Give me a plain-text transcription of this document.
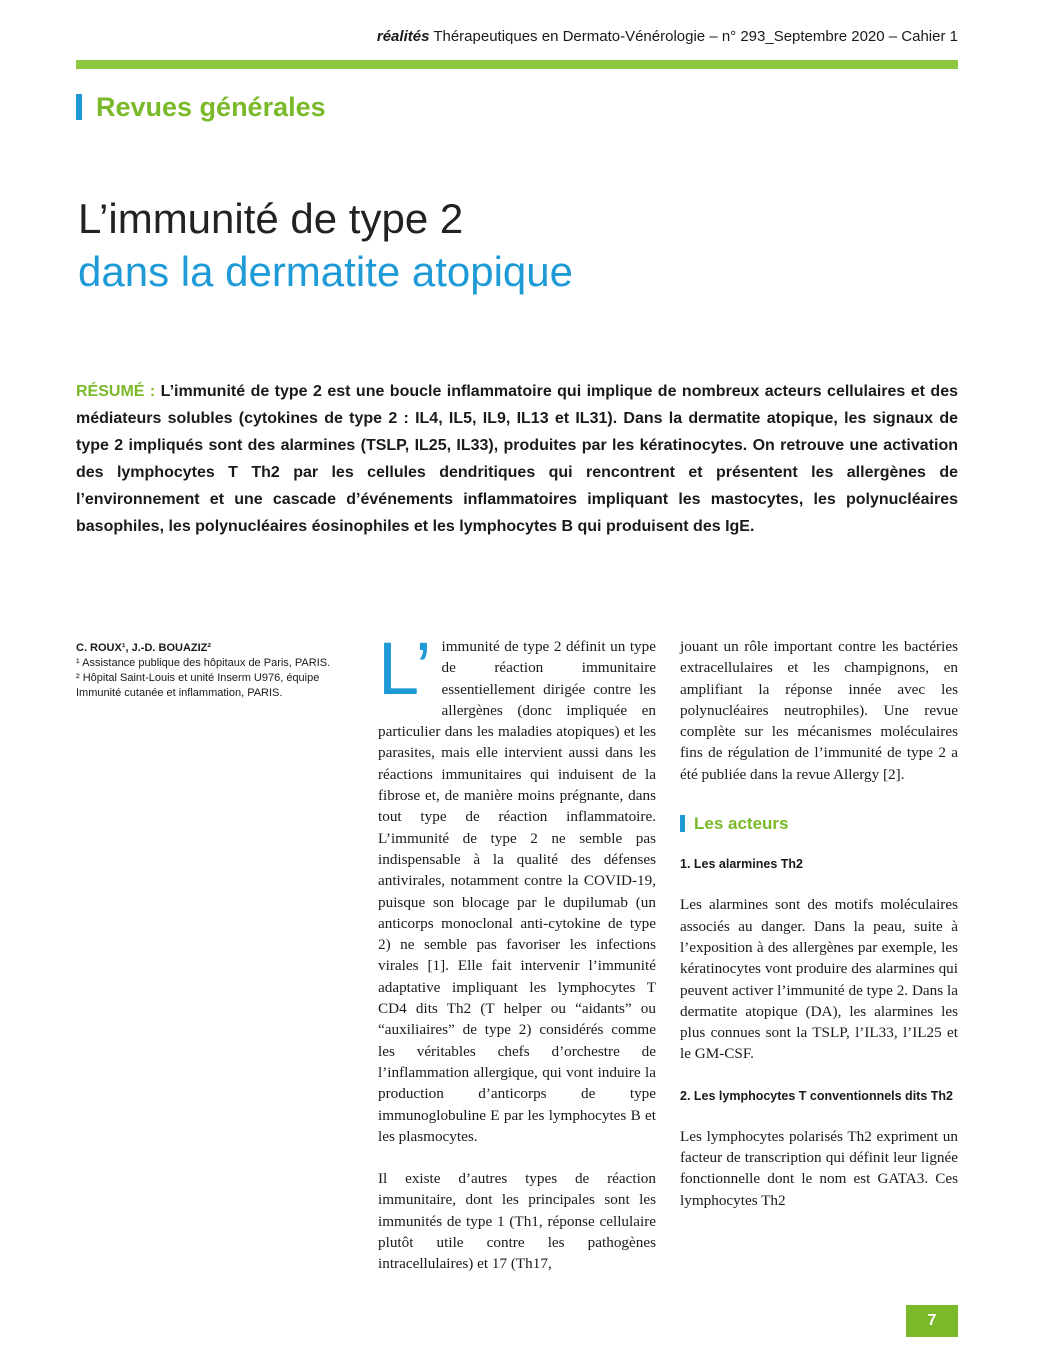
réalités Thérapeutiques en Dermato-Vénérologie – n° 293_Septembre 2020 – Cahier 1
Revues générales
L’immunité de type 2
dans la dermatite atopique
RÉSUMÉ : L’immunité de type 2 est une boucle inflammatoire qui implique de nombreux acteurs cellulaires et des médiateurs solubles (cytokines de type 2 : IL4, IL5, IL9, IL13 et IL31). Dans la dermatite atopique, les signaux de type 2 impliqués sont des alarmines (TSLP, IL25, IL33), produites par les kératinocytes. On retrouve une activation des lymphocytes T Th2 par les cellules dendritiques qui rencontrent et présentent les allergènes de l’environnement et une cascade d’événements inflammatoires impliquant les mastocytes, les polynucléaires basophiles, les polynucléaires éosinophiles et les lymphocytes B qui produisent des IgE.
C. ROUX¹, J.-D. BOUAZIZ²
¹ Assistance publique des hôpitaux de Paris, PARIS.
² Hôpital Saint-Louis et unité Inserm U976, équipe Immunité cutanée et inflammation, PARIS.	L’ immunité de type 2 définit un type de réaction immunitaire essentiellement dirigée contre les allergènes (donc impliquée en particulier dans les maladies atopiques) et les parasites, mais elle intervient aussi dans les réactions immunitaires qui induisent de la fibrose et, de manière moins prégnante, dans tout type de réaction inflammatoire. L’immunité de type 2 ne semble pas indispensable à la qualité des défenses antivirales, notamment contre la COVID-19, puisque son blocage par le dupilumab (un anticorps monoclonal anti-cytokine de type 2) ne semble pas favoriser les infections virales [1]. Elle fait intervenir l’immunité adaptative impliquant les lymphocytes T CD4 dits Th2 (T helper ou “aidants” ou “auxiliaires” de type 2) considérés comme les véritables chefs d’orchestre de l’inflammation allergique, qui vont induire la production d’anticorps de type immunoglobuline E par les lymphocytes B et les plasmocytes.

Il existe d’autres types de réaction immunitaire, dont les principales sont les immunités de type 1 (Th1, réponse cellulaire plutôt utile contre les pathogènes intracellulaires) et 17 (Th17,

jouant un rôle important contre les bactéries extracellulaires et les champignons, en amplifiant la réponse innée avec les polynucléaires neutrophiles). Une revue complète sur les mécanismes moléculaires fins de régulation de l’immunité de type 2 a été publiée dans la revue Allergy [2].

Les acteurs
1. Les alarmines Th2

Les alarmines sont des motifs moléculaires associés au danger. Dans la peau, suite à l’exposition à des allergènes par exemple, les kératinocytes vont produire des alarmines qui peuvent activer l’immunité de type 2. Dans la dermatite atopique (DA), les alarmines les plus connues sont la TSLP, l’IL33, l’IL25 et le GM-CSF.

2. Les lymphocytes T conventionnels dits Th2

Les lymphocytes polarisés Th2 expriment un facteur de transcription qui définit leur lignée fonctionnelle dont le nom est GATA3. Ces lymphocytes Th2

7
